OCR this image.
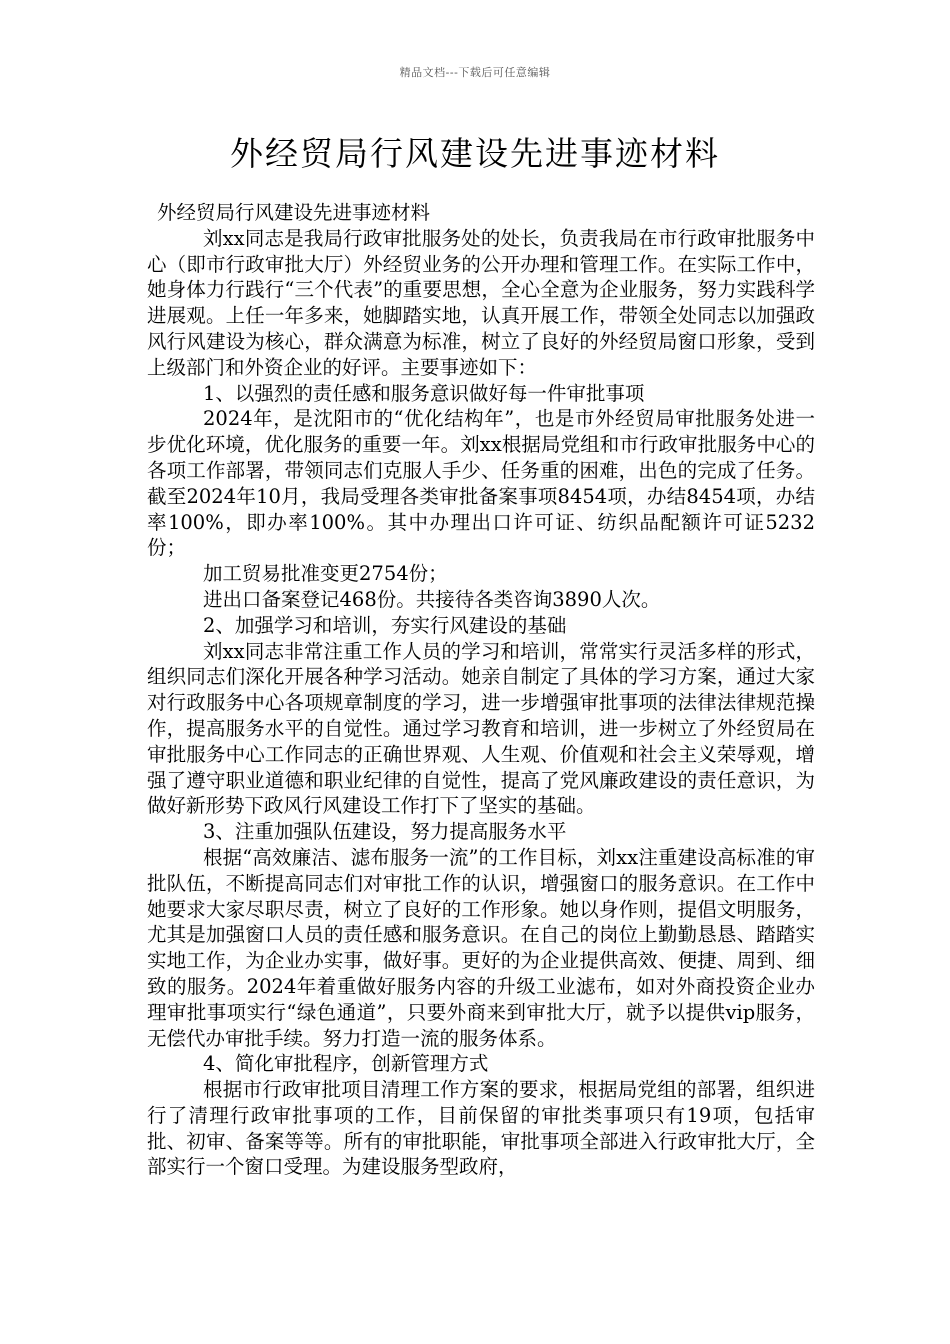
精品文档---下载后可任意编辑
外经贸局行风建设先进事迹材料

外经贸局行风建设先进事迹材料

刘xx同志是我局行政审批服务处的处长，负责我局在市行政审批服务中心（即市行政审批大厅）外经贸业务的公开办理和管理工作。在实际工作中，她身体力行践行“三个代表”的重要思想，全心全意为企业服务，努力实践科学进展观。上任一年多来，她脚踏实地，认真开展工作，带领全处同志以加强政风行风建设为核心，群众满意为标准，树立了良好的外经贸局窗口形象，受到上级部门和外资企业的好评。主要事迹如下：

1、以强烈的责任感和服务意识做好每一件审批事项

2024年，是沈阳市的“优化结构年”，也是市外经贸局审批服务处进一步优化环境，优化服务的重要一年。刘xx根据局党组和市行政审批服务中心的各项工作部署，带领同志们克服人手少、任务重的困难，出色的完成了任务。截至2024年10月，我局受理各类审批备案事项8454项，办结8454项，办结率100%，即办率100%。其中办理出口许可证、纺织品配额许可证5232份；

加工贸易批准变更2754份；

进出口备案登记468份。共接待各类咨询3890人次。

2、加强学习和培训，夯实行风建设的基础

刘xx同志非常注重工作人员的学习和培训，常常实行灵活多样的形式，组织同志们深化开展各种学习活动。她亲自制定了具体的学习方案，通过大家对行政服务中心各项规章制度的学习，进一步增强审批事项的法律法律规范操作，提高服务水平的自觉性。通过学习教育和培训，进一步树立了外经贸局在审批服务中心工作同志的正确世界观、人生观、价值观和社会主义荣辱观，增强了遵守职业道德和职业纪律的自觉性，提高了党风廉政建设的责任意识，为做好新形势下政风行风建设工作打下了坚实的基础。

3、注重加强队伍建设，努力提高服务水平

根据“高效廉洁、滤布服务一流”的工作目标，刘xx注重建设高标准的审批队伍，不断提高同志们对审批工作的认识，增强窗口的服务意识。在工作中她要求大家尽职尽责，树立了良好的工作形象。她以身作则，提倡文明服务，尤其是加强窗口人员的责任感和服务意识。在自己的岗位上勤勤恳恳、踏踏实实地工作，为企业办实事，做好事。更好的为企业提供高效、便捷、周到、细致的服务。2024年着重做好服务内容的升级工业滤布，如对外商投资企业办理审批事项实行“绿色通道”，只要外商来到审批大厅，就予以提供vip服务，无偿代办审批手续。努力打造一流的服务体系。

4、简化审批程序，创新管理方式

根据市行政审批项目清理工作方案的要求，根据局党组的部署，组织进行了清理行政审批事项的工作，目前保留的审批类事项只有19项，包括审批、初审、备案等等。所有的审批职能，审批事项全部进入行政审批大厅，全部实行一个窗口受理。为建设服务型政府，
